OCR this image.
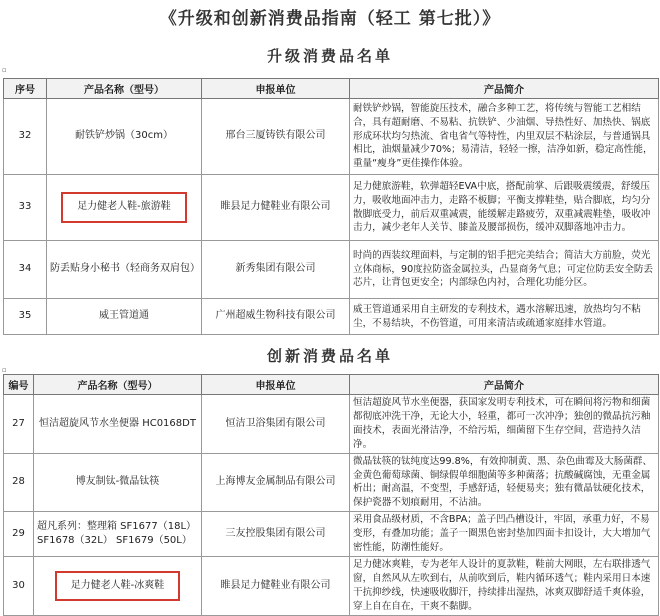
《升级和创新消费品指南（轻工 第七批）》
升级消费品名单
▫
序号	产品名称（型号）	申报单位	产品简介
32	耐铁铲炒锅（30cm）	邢台三厦铸铁有限公司	耐铁铲炒锅，智能旋压技术，融合多种工艺，将传统与智能工艺相结合，具有超耐磨、不易粘、抗铁铲、少油烟、导热性好、加热快、锅底形成环状均匀热流、省电省气等特性，内里双层不粘涂层，与普通锅具相比，油烟量减少70%；易清洁，轻轻一擦，洁净如新，稳定高性能，重量“瘦身”更佳操作体验。
33	足力健老人鞋-旅游鞋	睢县足力健鞋业有限公司	足力健旅游鞋，软弹超轻EVA中底，搭配前掌、后跟吸震缓震，舒缓压力，吸收地面冲击力，走路不板脚；平衡支撑鞋垫，贴合脚底，均匀分散脚底受力，前后双重减震，能缓解走路疲劳，双重减震鞋垫，吸收冲击力，减少老年人关节、膝盖及腰部损伤，缓冲双脚落地冲击力。
34	防丢贴身小秘书（轻商务双肩包）	新秀集团有限公司	时尚的西装纹理面料，与定制的铝手把完美结合；简洁大方前脸，荧光立体商标，90度拉防盗金属拉头，凸显商务气息；可定位防丢安全防丢芯片，让背包更安全；内部绿色内衬，合理化功能分区。
35	威王管道通	广州超威生物科技有限公司	威王管道通采用自主研发的专利技术，遇水溶解迅速，放热均匀不粘尘，不易结块，不伤管道，可用来清洁或疏通家庭排水管道。
创新消费品名单
▫
编号	产品名称（型号）	申报单位	产品简介
27	恒洁超旋风节水坐便器 HC0168DT	恒洁卫浴集团有限公司	恒洁超旋风节水坐便器，获国家发明专利技术，可在瞬间将污物和细菌都彻底冲洗干净，无论大小，轻重，都可一次冲净；独创的微晶抗污釉面技术，表面光滑洁净，不给污垢，细菌留下生存空间，营造持久洁净。
28	博友制钛-微晶钛筷	上海博友金属制品有限公司	微晶钛筷的钛纯度达99.8%，有效抑制黄、黑、杂色曲霉及大肠菌群、金黄色葡萄球菌、铜绿假单细胞菌等多种菌落；抗酸碱腐蚀，无重金属析出；耐高温，不变型，手感舒适，轻便易夹；独有微晶钛硬化技术，保护瓷器不划痕耐用，不沾油。
29	超凡系列：整理箱 SF1677（18L）SF1678（32L） SF1679（50L）	三友控股集团有限公司	采用食品级材质，不含BPA；盖子凹凸槽设计，牢固，承重力好，不易变形，有叠加功能；盖子一圈黑色密封垫加四面卡扣设计，大大增加气密性能，防潮性能好。
30	足力健老人鞋-冰爽鞋	睢县足力健鞋业有限公司	足力健冰爽鞋，专为老年人设计的夏款鞋，鞋前大网眼，左右联排透气窗，自然风从左吹到右，从前吹到后，鞋内循环透气；鞋内采用日本速干抗抑纱线，快速吸收脚汗，持续排出湿热，冰爽双脚舒适千爽体验，穿上自在自在，干爽不黏脚。
